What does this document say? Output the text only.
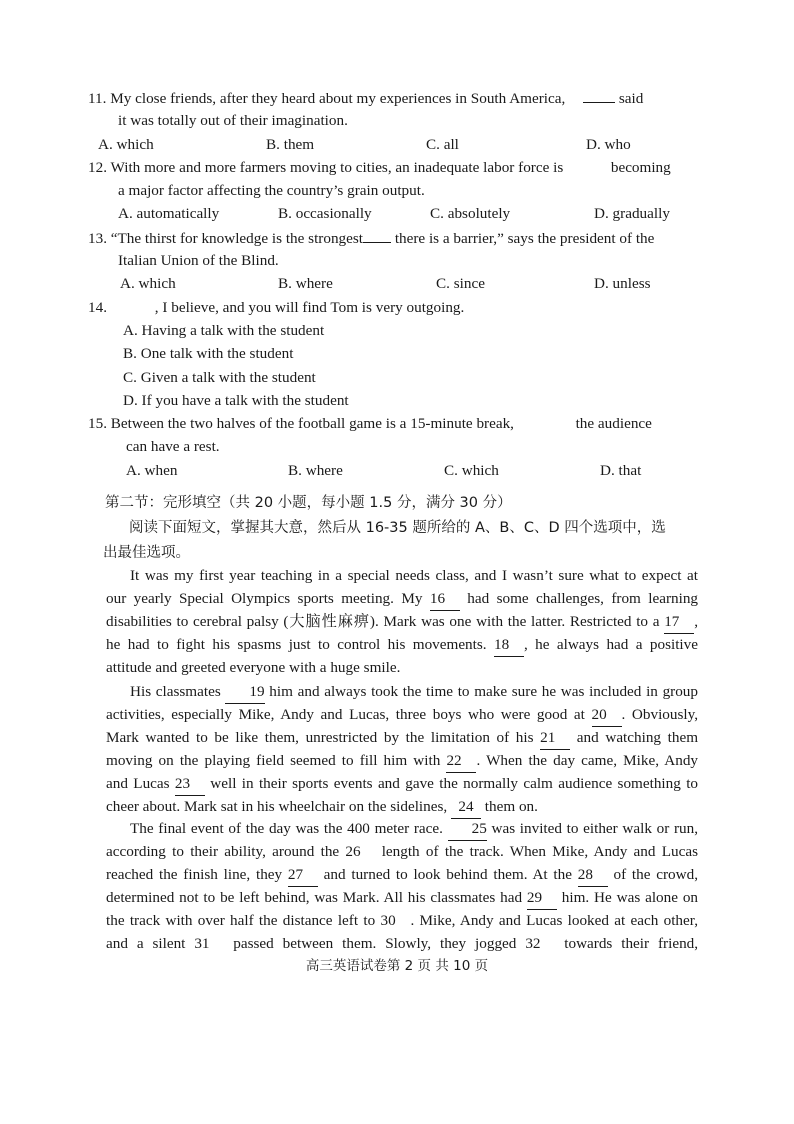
11. My close friends, after they heard about my experiences in South America,	said
it was totally out of their imagination.
A. which	B. them	C. all	D. who
12. With more and more farmers moving to cities, an inadequate labor force is	becoming
a major factor affecting the country’s grain output.
A. automatically	B. occasionally	C. absolutely	D. gradually
13. “The thirst for knowledge is the strongest there is a barrier,” says the president of the
Italian Union of the Blind.
A. which	B. where	C. since	D. unless
14.	, I believe, and you will find Tom is very outgoing.
A. Having a talk with the student
B. One talk with the student
C. Given a talk with the student
D. If you have a talk with the student
15. Between the two halves of the football game is a 15-minute break,	the audience
can have a rest.
A. when	B. where	C. which	D. that
第二节：完形填空（共 20 小题，每小题 1.5 分，满分 30 分）
阅读下面短文，掌握其大意，然后从 16-35 题所给的 A、B、C、D 四个选项中，选
出最佳选项。
It was my first year teaching in a special needs class, and I wasn’t sure what to expect at
our yearly Special Olympics sports meeting. My 16 had some challenges, from learning
disabilities to cerebral palsy (大脑性麻痹). Mark was one with the latter. Restricted to a 17 ,
he had to fight his spasms just to control his movements. 18 , he always had a positive
attitude and greeted everyone with a huge smile.
His classmates 19 him and always took the time to make sure he was included in group
activities, especially Mike, Andy and Lucas, three boys who were good at 20 . Obviously,
Mark wanted to be like them, unrestricted by the limitation of his 21 and watching them
moving on the playing field seemed to fill him with 22 . When the day came, Mike, Andy
and Lucas 23 well in their sports events and gave the normally calm audience something to
cheer about. Mark sat in his wheelchair on the sidelines, 24 them on.
The final event of the day was the 400 meter race. 25 was invited to either walk or run,
according to their ability, around the 26 length of the track. When Mike, Andy and Lucas
reached the finish line, they 27 and turned to look behind them. At the 28 of the crowd,
determined not to be left behind, was Mark. All his classmates had 29 him. He was alone on
the track with over half the distance left to 30 . Mike, Andy and Lucas looked at each other,
and a silent 31 passed between them. Slowly, they jogged 32 towards their friend,
高三英语试卷第 2 页 共 10 页
